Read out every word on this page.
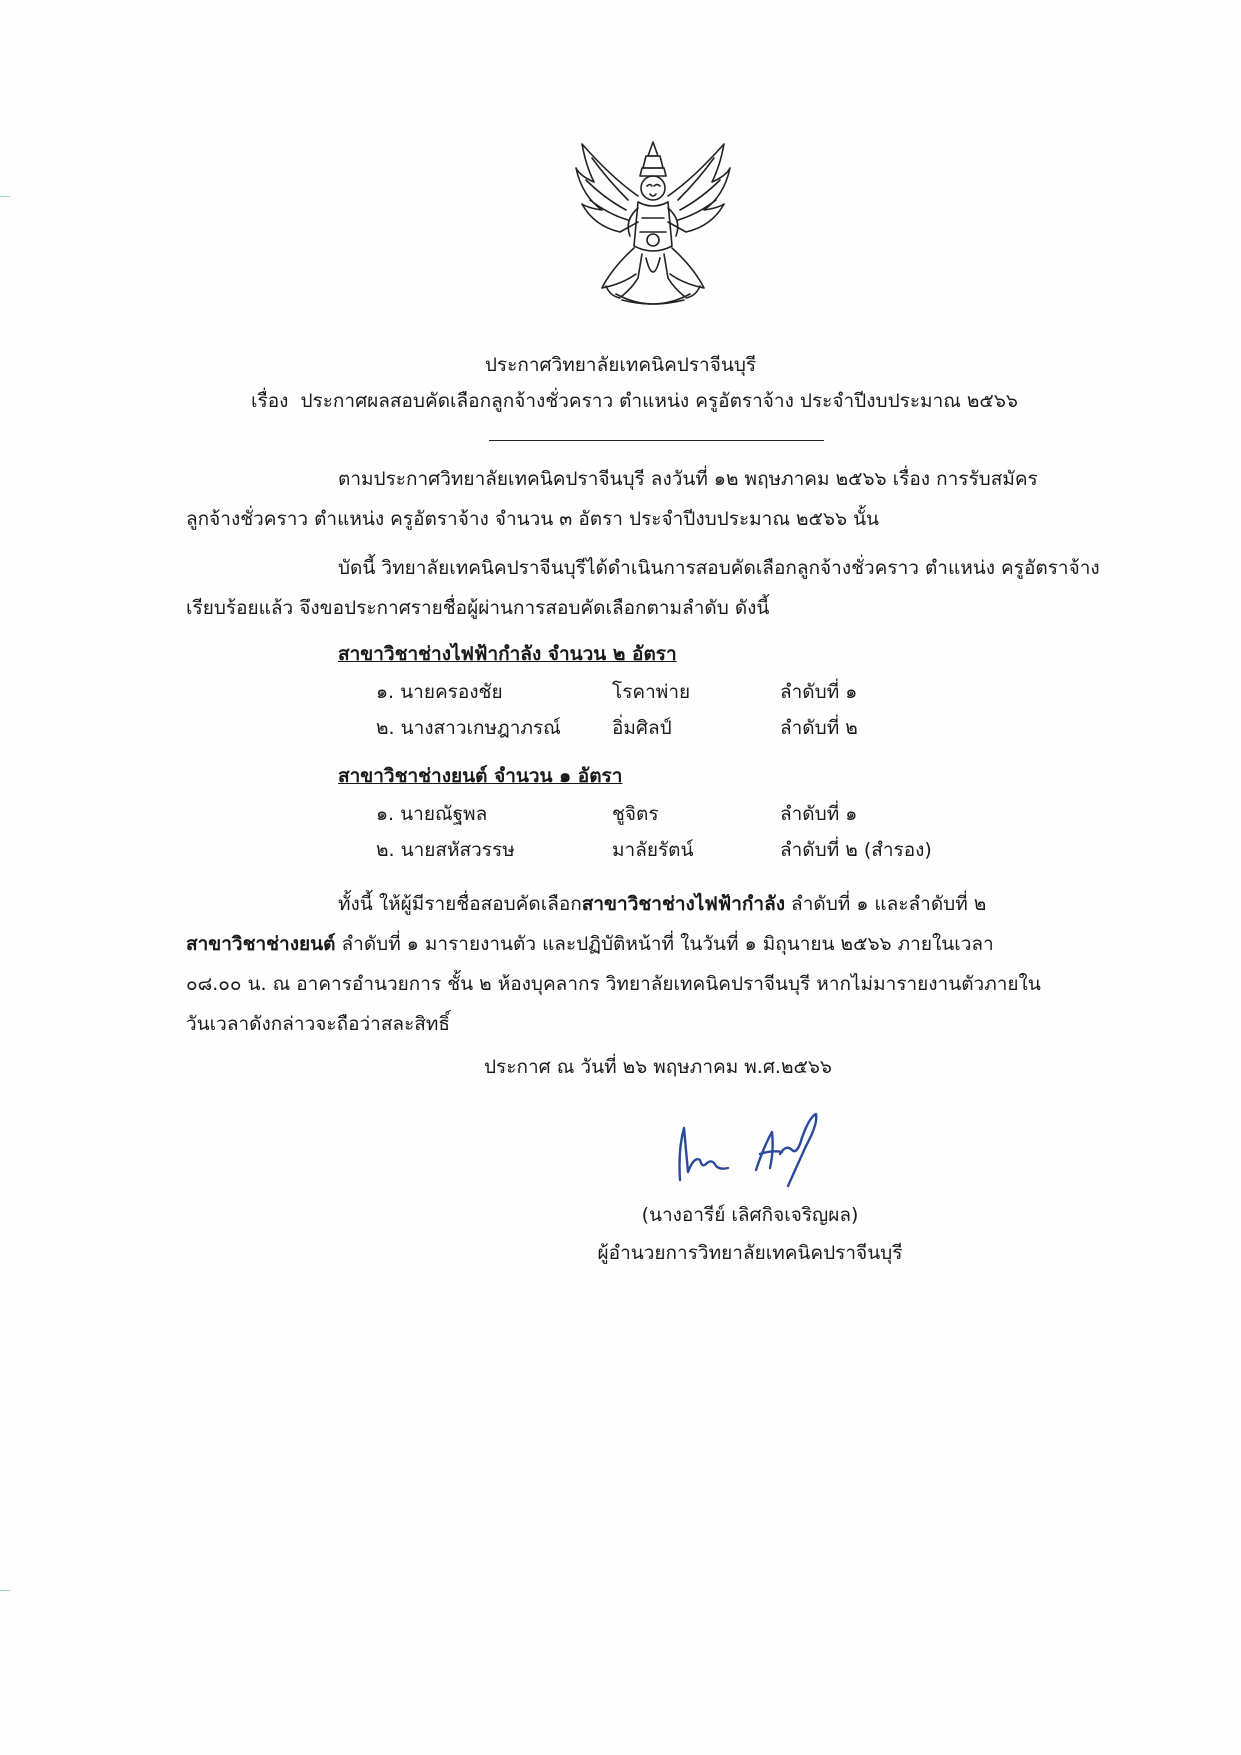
ประกาศวิทยาลัยเทคนิคปราจีนบุรี
เรื่อง ประกาศผลสอบคัดเลือกลูกจ้างชั่วคราว ตำแหน่ง ครูอัตราจ้าง ประจำปีงบประมาณ ๒๕๖๖
ตามประกาศวิทยาลัยเทคนิคปราจีนบุรี ลงวันที่ ๑๒ พฤษภาคม ๒๕๖๖ เรื่อง การรับสมัคร
ลูกจ้างชั่วคราว ตำแหน่ง ครูอัตราจ้าง จำนวน ๓ อัตรา ประจำปีงบประมาณ ๒๕๖๖ นั้น
บัดนี้ วิทยาลัยเทคนิคปราจีนบุรีได้ดำเนินการสอบคัดเลือกลูกจ้างชั่วคราว ตำแหน่ง ครูอัตราจ้าง
เรียบร้อยแล้ว จึงขอประกาศรายชื่อผู้ผ่านการสอบคัดเลือกตามลำดับ ดังนี้
สาขาวิชาช่างไฟฟ้ากำลัง จำนวน ๒ อัตรา
๑. นายครองชัย	โรคาพ่าย	ลำดับที่ ๑
๒. นางสาวเกษฎาภรณ์	อิ่มศิลป์	ลำดับที่ ๒
สาขาวิชาช่างยนต์ จำนวน ๑ อัตรา
๑. นายณัฐพล	ชูจิตร	ลำดับที่ ๑
๒. นายสหัสวรรษ	มาลัยรัตน์	ลำดับที่ ๒ (สำรอง)
ทั้งนี้ ให้ผู้มีรายชื่อสอบคัดเลือกสาขาวิชาช่างไฟฟ้ากำลัง ลำดับที่ ๑ และลำดับที่ ๒
สาขาวิชาช่างยนต์ ลำดับที่ ๑ มารายงานตัว และปฏิบัติหน้าที่ ในวันที่ ๑ มิถุนายน ๒๕๖๖ ภายในเวลา
๐๘.๐๐ น. ณ อาคารอำนวยการ ชั้น ๒ ห้องบุคลากร วิทยาลัยเทคนิคปราจีนบุรี หากไม่มารายงานตัวภายใน
วันเวลาดังกล่าวจะถือว่าสละสิทธิ์
ประกาศ ณ วันที่ ๒๖ พฤษภาคม พ.ศ.๒๕๖๖
(นางอารีย์ เลิศกิจเจริญผล)
ผู้อำนวยการวิทยาลัยเทคนิคปราจีนบุรี
